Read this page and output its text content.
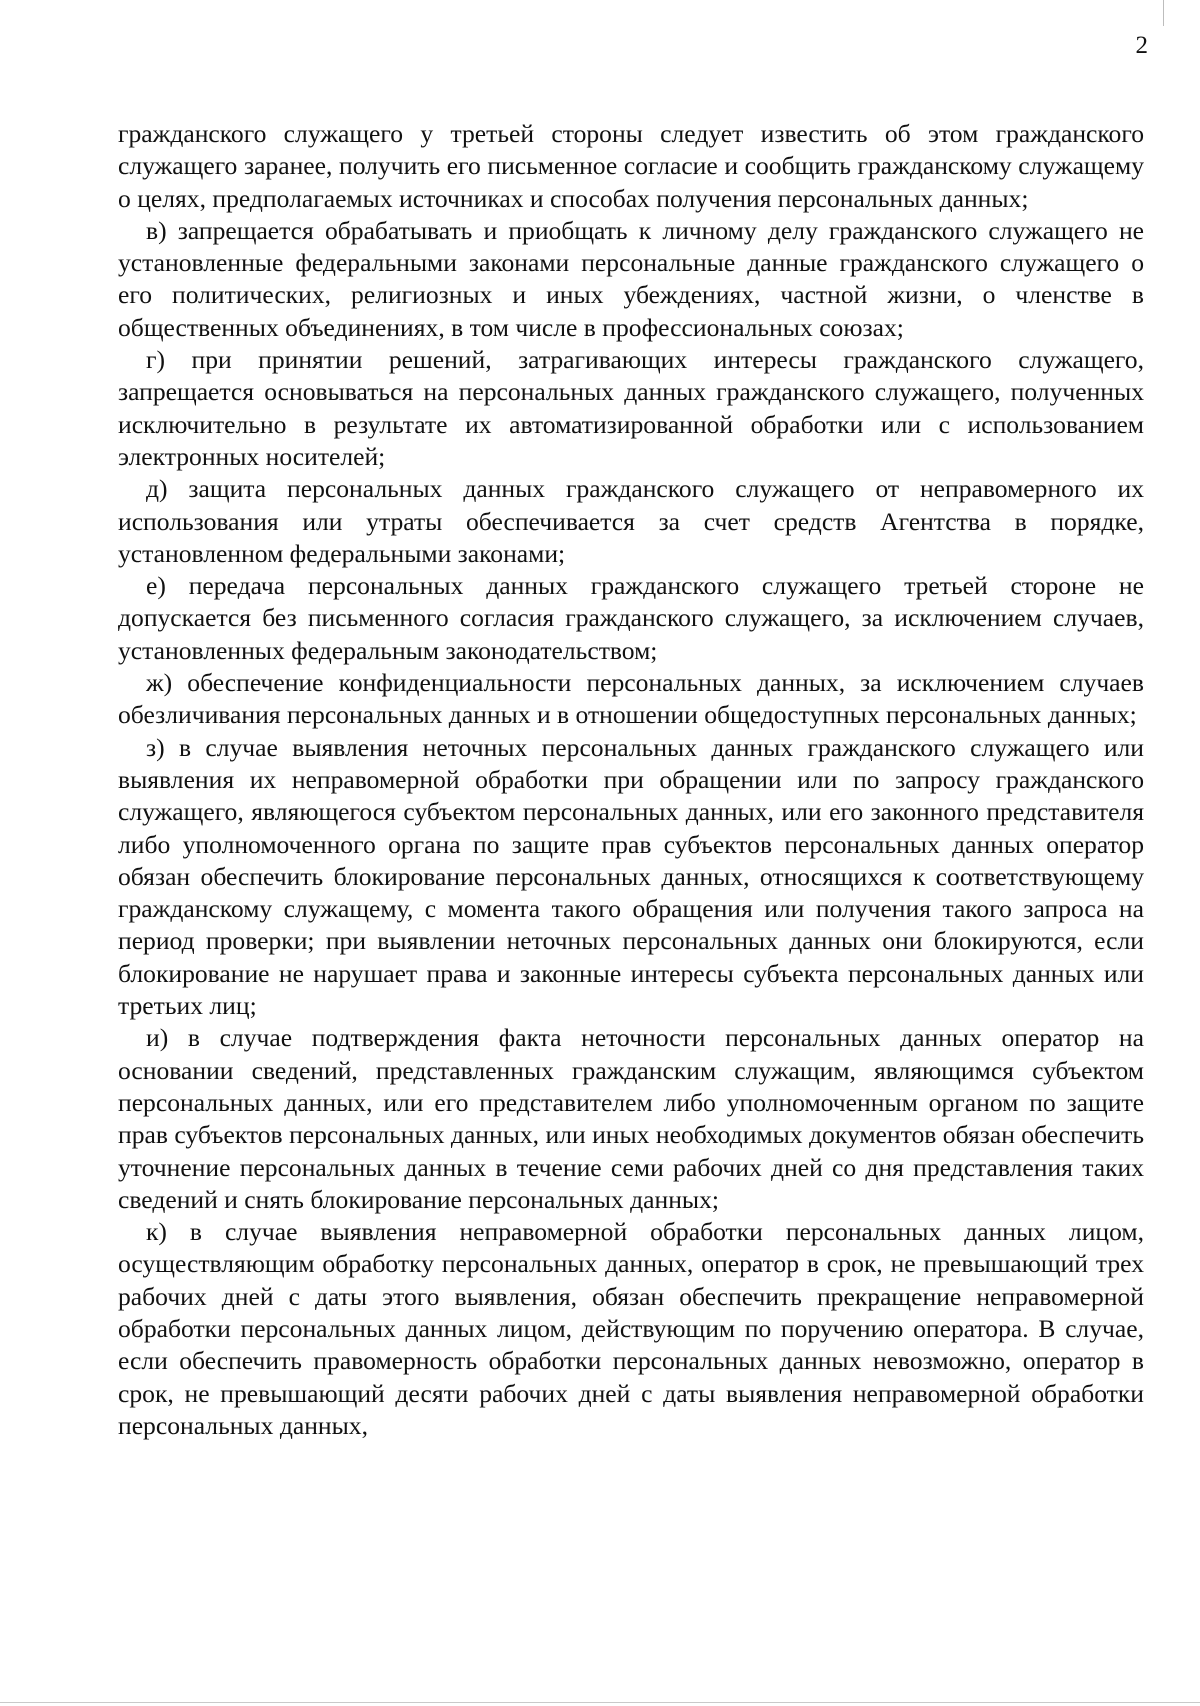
2

гражданского служащего у третьей стороны следует известить об этом гражданского служащего заранее, получить его письменное согласие и сообщить гражданскому служащему о целях, предполагаемых источниках и способах получения персональных данных;

в) запрещается обрабатывать и приобщать к личному делу гражданского служащего не установленные федеральными законами персональные данные гражданского служащего о его политических, религиозных и иных убеждениях, частной жизни, о членстве в общественных объединениях, в том числе в профессиональных союзах;

г) при принятии решений, затрагивающих интересы гражданского служащего, запрещается основываться на персональных данных гражданского служащего, полученных исключительно в результате их автоматизированной обработки или с использованием электронных носителей;

д) защита персональных данных гражданского служащего от неправомерного их использования или утраты обеспечивается за счет средств Агентства в порядке, установленном федеральными законами;

е) передача персональных данных гражданского служащего третьей стороне не допускается без письменного согласия гражданского служащего, за исключением случаев, установленных федеральным законодательством;

ж) обеспечение конфиденциальности персональных данных, за исключением случаев обезличивания персональных данных и в отношении общедоступных персональных данных;

з) в случае выявления неточных персональных данных гражданского служащего или выявления их неправомерной обработки при обращении или по запросу гражданского служащего, являющегося субъектом персональных данных, или его законного представителя либо уполномоченного органа по защите прав субъектов персональных данных оператор обязан обеспечить блокирование персональных данных, относящихся к соответствующему гражданскому служащему, с момента такого обращения или получения такого запроса на период проверки; при выявлении неточных персональных данных они блокируются, если блокирование не нарушает права и законные интересы субъекта персональных данных или третьих лиц;

и) в случае подтверждения факта неточности персональных данных оператор на основании сведений, представленных гражданским служащим, являющимся субъектом персональных данных, или его представителем либо уполномоченным органом по защите прав субъектов персональных данных, или иных необходимых документов обязан обеспечить уточнение персональных данных в течение семи рабочих дней со дня представления таких сведений и снять блокирование персональных данных;

к) в случае выявления неправомерной обработки персональных данных лицом, осуществляющим обработку персональных данных, оператор в срок, не превышающий трех рабочих дней с даты этого выявления, обязан обеспечить прекращение неправомерной обработки персональных данных лицом, действующим по поручению оператора. В случае, если обеспечить правомерность обработки персональных данных невозможно, оператор в срок, не превышающий десяти рабочих дней с даты выявления неправомерной обработки персональных данных,
